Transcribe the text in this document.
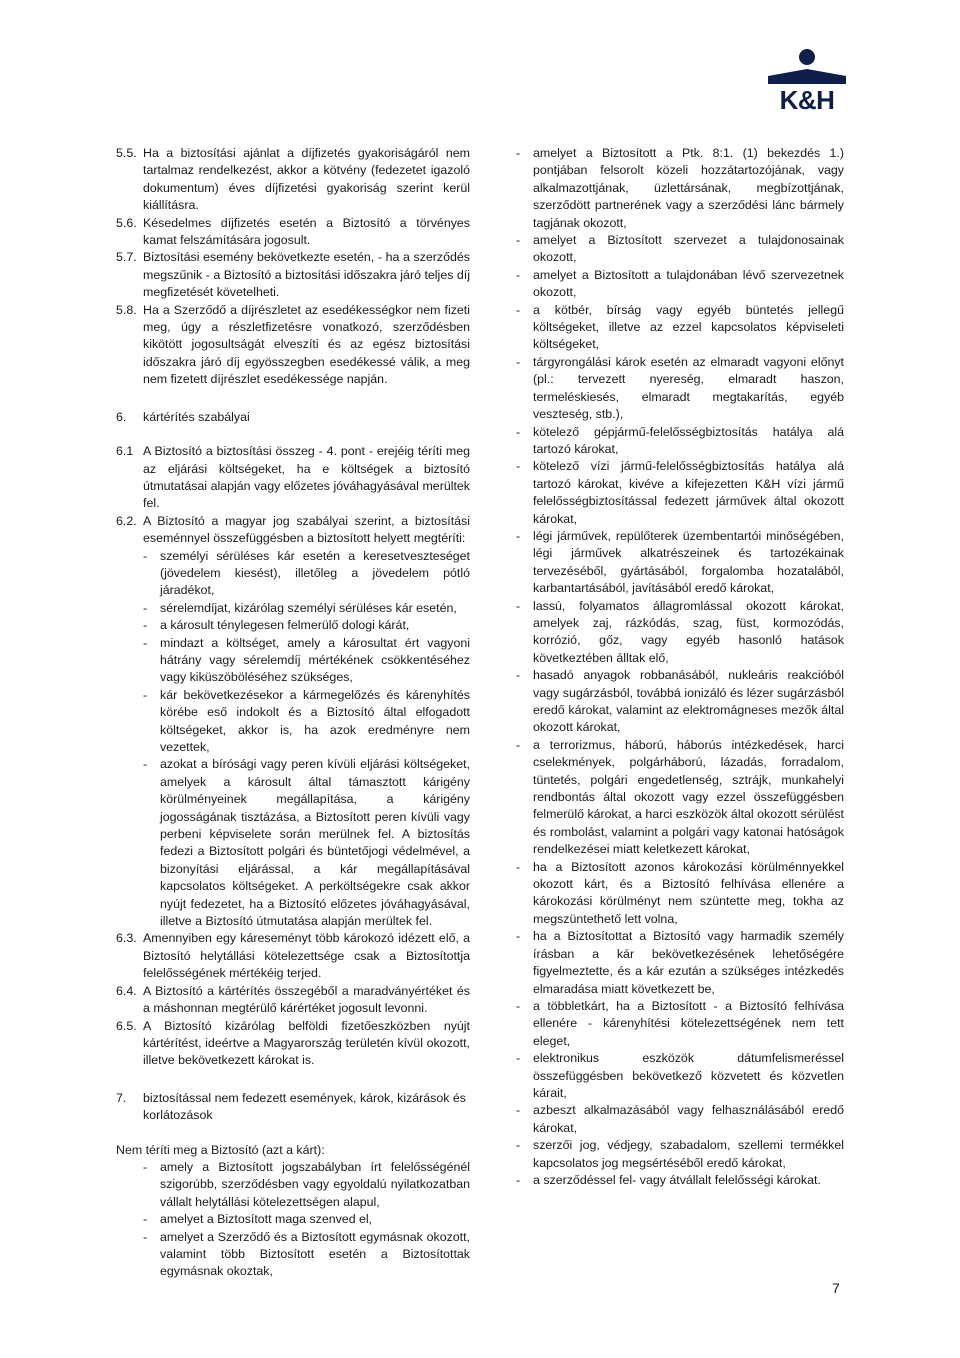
K&H
5.5. Ha a biztosítási ajánlat a díjfizetés gyakoriságáról nem tartalmaz rendelkezést, akkor a kötvény (fedezetet igazoló dokumentum) éves díjfizetési gyakoriság szerint kerül kiállításra.
5.6. Késedelmes díjfizetés esetén a Biztosító a törvényes kamat felszámítására jogosult.
5.7. Biztosítási esemény bekövetkezte esetén, - ha a szerződés megszűnik - a Biztosító a biztosítási időszakra járó teljes díj megfizetését követelheti.
5.8. Ha a Szerződő a díjrészletet az esedékességkor nem fizeti meg, úgy a részletfizetésre vonatkozó, szerződésben kikötött jogosultságát elveszíti és az egész biztosítási időszakra járó díj egyösszegben esedékessé válik, a meg nem fizetett díjrészlet esedékessége napján.
6. kártérítés szabályai
6.1 A Biztosító a biztosítási összeg - 4. pont - erejéig téríti meg az eljárási költségeket, ha e költségek a biztosító útmutatásai alapján vagy előzetes jóváhagyásával merültek fel.
6.2. A Biztosító a magyar jog szabályai szerint, a biztosítási eseménnyel összefüggésben a biztosított helyett megtéríti:
- személyi sérüléses kár esetén a keresetveszteséget (jövedelem kiesést), illetőleg a jövedelem pótló járadékot,
- sérelemdíjat, kizárólag személyi sérüléses kár esetén,
- a károsult ténylegesen felmerülő dologi kárát,
- mindazt a költséget, amely a károsultat ért vagyoni hátrány vagy sérelemdíj mértékének csökkentéséhez vagy kiküszöböléséhez szükséges,
- kár bekövetkezésekor a kármegelőzés és kárenyhítés körébe eső indokolt és a Biztosító által elfogadott költségeket, akkor is, ha azok eredményre nem vezettek,
- azokat a bírósági vagy peren kívüli eljárási költségeket, amelyek a károsult által támasztott kárigény körülményeinek megállapítása, a kárigény jogosságának tisztázása, a Biztosított peren kívüli vagy perbeni képviselete során merülnek fel. A biztosítás fedezi a Biztosított polgári és büntetőjogi védelmével, a bizonyítási eljárással, a kár megállapításával kapcsolatos költségeket. A perköltségekre csak akkor nyújt fedezetet, ha a Biztosító előzetes jóváhagyásával, illetve a Biztosító útmutatása alapján merültek fel.
6.3. Amennyiben egy káreseményt több károkozó idézett elő, a Biztosító helytállási kötelezettsége csak a Biztosítottja felelősségének mértékéig terjed.
6.4. A Biztosító a kártérítés összegéből a maradványértéket és a máshonnan megtérülő kárértéket jogosult levonni.
6.5. A Biztosító kizárólag belföldi fizetőeszközben nyújt kártérítést, ideértve a Magyarország területén kívül okozott, illetve bekövetkezett károkat is.
7. biztosítással nem fedezett események, károk, kizárások és korlátozások
Nem téríti meg a Biztosító (azt a kárt):
- amely a Biztosított jogszabályban írt felelősségénél szigorúbb, szerződésben vagy egyoldalú nyilatkozatban vállalt helytállási kötelezettségen alapul,
- amelyet a Biztosított maga szenved el,
- amelyet a Szerződő és a Biztosított egymásnak okozott, valamint több Biztosított esetén a Biztosítottak egymásnak okoztak,
- amelyet a Biztosított a Ptk. 8:1. (1) bekezdés 1.) pontjában felsorolt közeli hozzátartozójának, vagy alkalmazottjának, üzlettársának, megbízottjának, szerződött partnerének vagy a szerződési lánc bármely tagjának okozott,
- amelyet a Biztosított szervezet a tulajdonosainak okozott,
- amelyet a Biztosított a tulajdonában lévő szervezetnek okozott,
- a kötbér, bírság vagy egyéb büntetés jellegű költségeket, illetve az ezzel kapcsolatos képviseleti költségeket,
- tárgyrongálási károk esetén az elmaradt vagyoni előnyt (pl.: tervezett nyereség, elmaradt haszon, termeléskiesés, elmaradt megtakarítás, egyéb veszteség, stb.),
- kötelező gépjármű-felelősségbiztosítás hatálya alá tartozó károkat,
- kötelező vízi jármű-felelősségbiztosítás hatálya alá tartozó károkat, kivéve a kifejezetten K&H vízi jármű felelősségbiztosítással fedezett járművek által okozott károkat,
- légi járművek, repülőterek üzembentartói minőségében, légi járművek alkatrészeinek és tartozékainak tervezéséből, gyártásából, forgalomba hozatalából, karbantartásából, javításából eredő károkat,
- lassú, folyamatos állagromlással okozott károkat, amelyek zaj, rázkódás, szag, füst, kormozódás, korrózió, gőz, vagy egyéb hasonló hatások következtében álltak elő,
- hasadó anyagok robbanásából, nukleáris reakcióból vagy sugárzásból, továbbá ionizáló és lézer sugárzásból eredő károkat, valamint az elektromágneses mezők által okozott károkat,
- a terrorizmus, háború, háborús intézkedések, harci cselekmények, polgárháború, lázadás, forradalom, tüntetés, polgári engedetlenség, sztrájk, munkahelyi rendbontás által okozott vagy ezzel összefüggésben felmerülő károkat, a harci eszközök által okozott sérülést és rombolást, valamint a polgári vagy katonai hatóságok rendelkezései miatt keletkezett károkat,
- ha a Biztosított azonos károkozási körülménnyekkel okozott kárt, és a Biztosító felhívása ellenére a károkozási körülményt nem szüntette meg, tokha az megszüntethető lett volna,
- ha a Biztosítottat a Biztosító vagy harmadik személy írásban a kár bekövetkezésének lehetőségére figyelmeztette, és a kár ezután a szükséges intézkedés elmaradása miatt következett be,
- a többletkárt, ha a Biztosított - a Biztosító felhívása ellenére - kárenyhítési kötelezettségének nem tett eleget,
- elektronikus eszközök dátumfelismeréssel összefüggésben bekövetkező közvetett és közvetlen kárait,
- azbeszt alkalmazásából vagy felhasználásából eredő károkat,
- szerzői jog, védjegy, szabadalom, szellemi termékkel kapcsolatos jog megsértéséből eredő károkat,
- a szerződéssel fel- vagy átvállalt felelősségi károkat.
7
